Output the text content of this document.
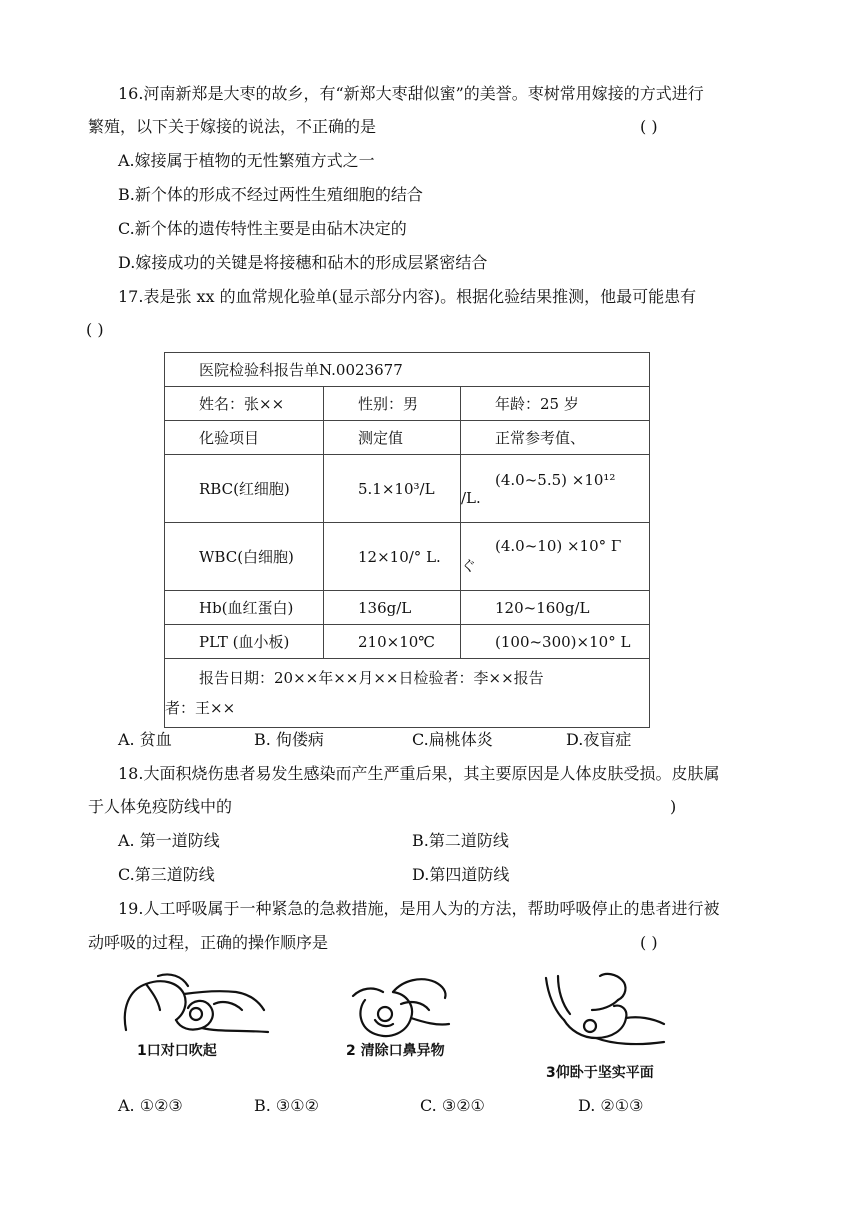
16.河南新郑是大枣的故乡，有“新郑大枣甜似蜜”的美誉。枣树常用嫁接的方式进行
繁殖，以下关于嫁接的说法，不正确的是	( )
A.嫁接属于植物的无性繁殖方式之一
B.新个体的形成不经过两性生殖细胞的结合
C.新个体的遗传特性主要是由砧木决定的
D.嫁接成功的关键是将接穗和砧木的形成层紧密结合
17.表是张 xx 的血常规化验单(显示部分内容)。根据化验结果推测，他最可能患有
( )
医院检验科报告单N.0023677		
姓名：张××	性别：男	年龄：25 岁
化验项目	测定值	正常参考值、
RBC(红细胞)	5.1×10³/L	(4.0~5.5) ×10¹²
/L.

WBC(白细胞)	12×10/° L.	(4.0~10) ×10° Γ
ぐ

Hb(血红蛋白)	136g/L	120~160g/L
PLT (血小板)	210×10℃	(100~300)×10° L

报告日期：20××年××月××日检验者：李××报告
者：王××		
A. 贫血	B. 佝偻病	C.扁桃体炎	D.夜盲症
18.大面积烧伤患者易发生感染而产生严重后果，其主要原因是人体皮肤受损。皮肤属
于人体免疫防线中的	)
A. 第一道防线	B.第二道防线
C.第三道防线	D.第四道防线
19.人工呼吸属于一种紧急的急救措施，是用人为的方法，帮助呼吸停止的患者进行被
动呼吸的过程，正确的操作顺序是	( )
1口对口吹起	2 清除口鼻异物
3仰卧于坚实平面
A. ①②③	B. ③①②	C. ③②①	D. ②①③
